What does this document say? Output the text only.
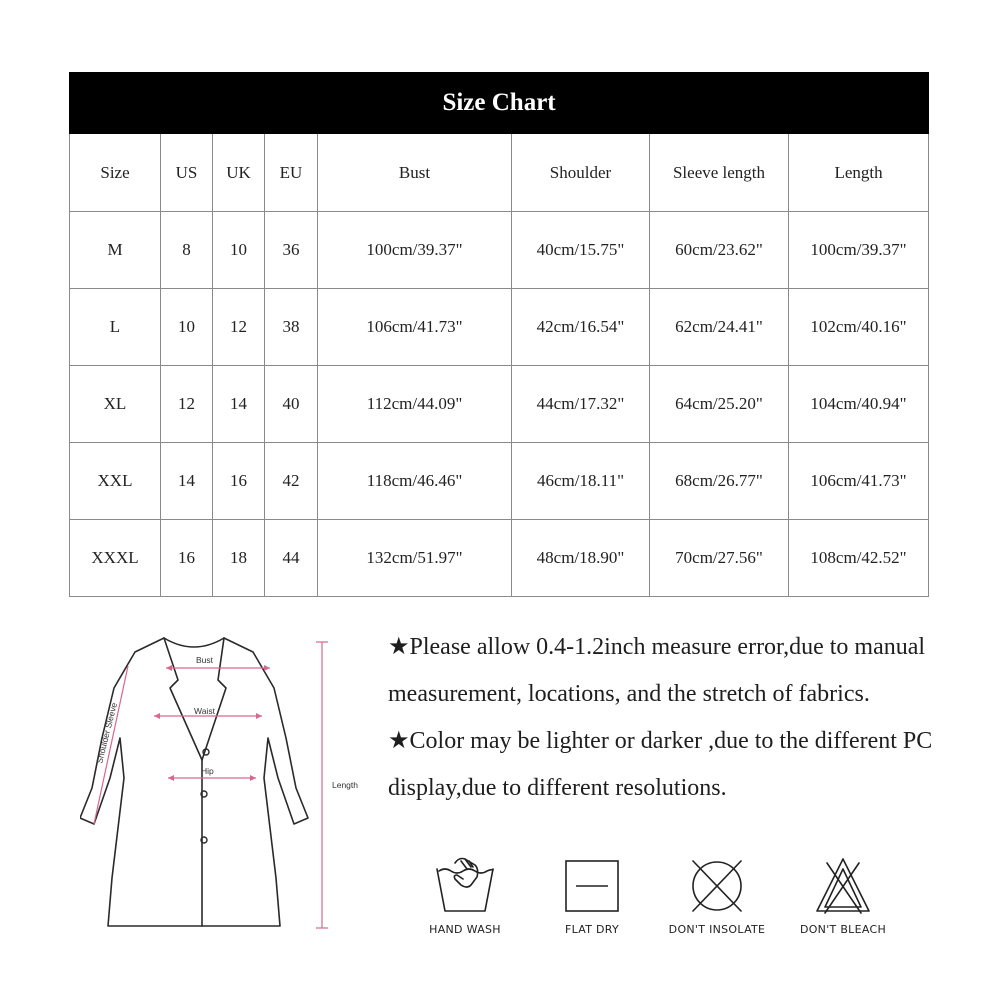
Size Chart							
Size	US	UK	EU	Bust	Shoulder	Sleeve length	Length
M	8	10	36	100cm/39.37"	40cm/15.75"	60cm/23.62"	100cm/39.37"
L	10	12	38	106cm/41.73"	42cm/16.54"	62cm/24.41"	102cm/40.16"
XL	12	14	40	112cm/44.09"	44cm/17.32"	64cm/25.20"	104cm/40.94"
XXL	14	16	42	118cm/46.46"	46cm/18.11"	68cm/26.77"	106cm/41.73"
XXXL	16	18	44	132cm/51.97"	48cm/18.90"	70cm/27.56"	108cm/42.52"
Bust
Waist
Hip
Length
Shoulder Sleeve

★Please allow 0.4-1.2inch measure error,due to manual measurement, locations, and the stretch of fabrics.

★Color may be lighter or darker ,due to the different PC display,due to different resolutions.

HAND WASH	FLAT DRY	DON'T INSOLATE	DON'T BLEACH
